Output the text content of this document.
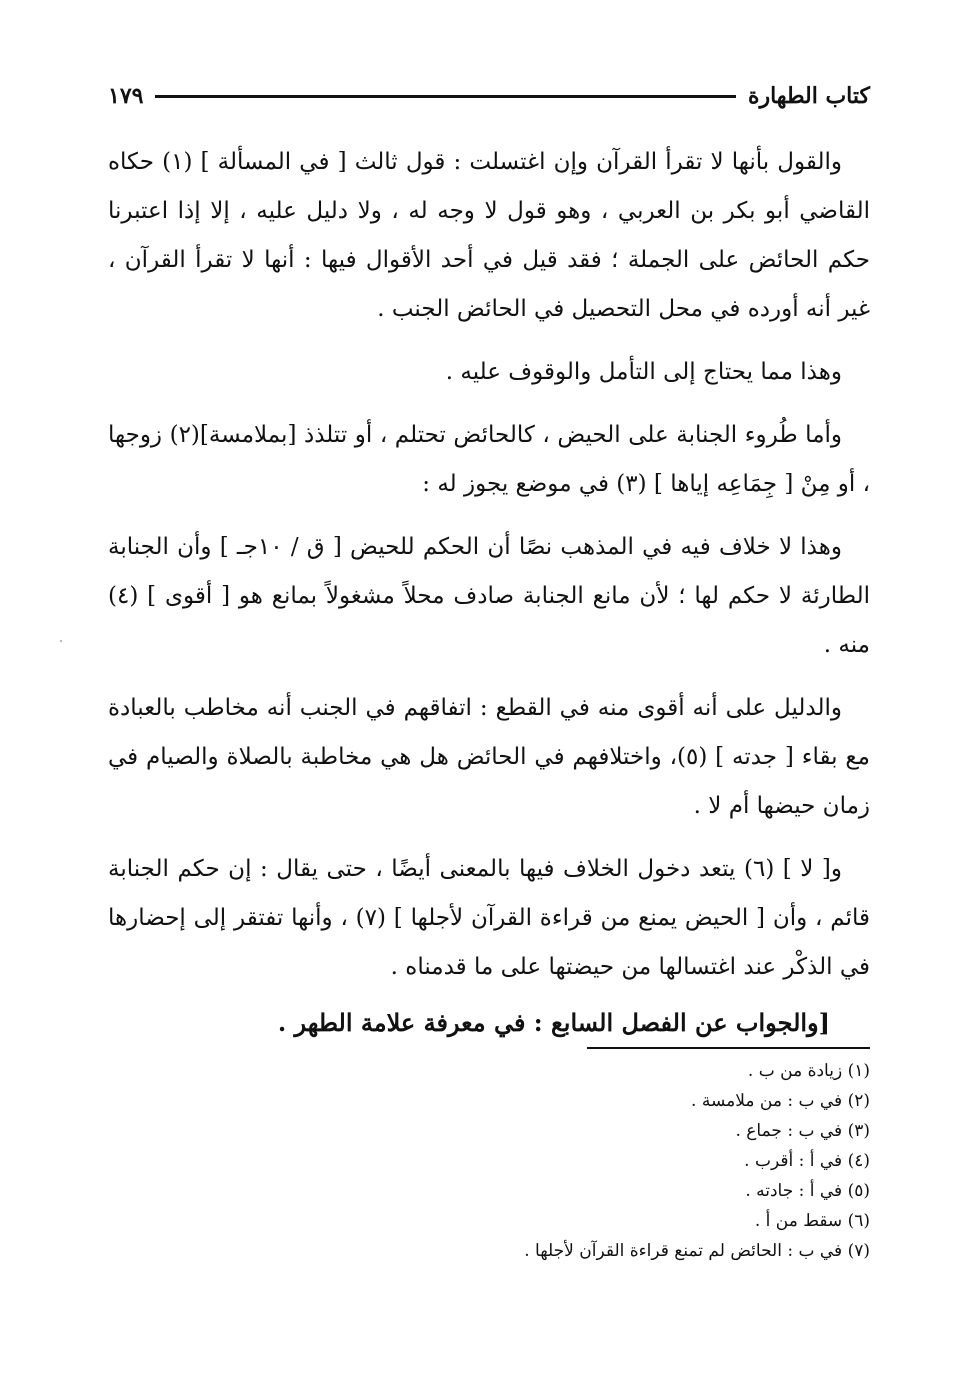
كتاب الطهارة
١٧٩

والقول بأنها لا تقرأ القرآن وإن اغتسلت : قول ثالث [ في المسألة ] (١) حكاه القاضي أبو بكر بن العربي ، وهو قول لا وجه له ، ولا دليل عليه ، إلا إذا اعتبرنا حكم الحائض على الجملة ؛ فقد قيل في أحد الأقوال فيها : أنها لا تقرأ القرآن ، غير أنه أورده في محل التحصيل في الحائض الجنب .

وهذا مما يحتاج إلى التأمل والوقوف عليه .

وأما طُروء الجنابة على الحيض ، كالحائض تحتلم ، أو تتلذذ [بملامسة](٢) زوجها ، أو مِنْ [ جِمَاعِه إياها ] (٣) في موضع يجوز له :

وهذا لا خلاف فيه في المذهب نصًا أن الحكم للحيض [ ق / ١٠جـ ] وأن الجنابة الطارئة لا حكم لها ؛ لأن مانع الجنابة صادف محلاً مشغولاً بمانع هو [ أقوى ] (٤) منه .

والدليل على أنه أقوى منه في القطع : اتفاقهم في الجنب أنه مخاطب بالعبادة مع بقاء [ جدته ] (٥)، واختلافهم في الحائض هل هي مخاطبة بالصلاة والصيام في زمان حيضها أم لا .

و[ لا ] (٦) يتعد دخول الخلاف فيها بالمعنى أيضًا ، حتى يقال : إن حكم الجنابة قائم ، وأن [ الحيض يمنع من قراءة القرآن لأجلها ] (٧) ، وأنها تفتقر إلى إحضارها في الذكْر عند اغتسالها من حيضتها على ما قدمناه .

[والجواب عن الفصل السابع : في معرفة علامة الطهر .

(١) زيادة من ب .
(٢) في ب : من ملامسة .
(٣) في ب : جماع .
(٤) في أ : أقرب .
(٥) في أ : جادته .
(٦) سقط من أ .
(٧) في ب : الحائض لم تمنع قراءة القرآن لأجلها .
